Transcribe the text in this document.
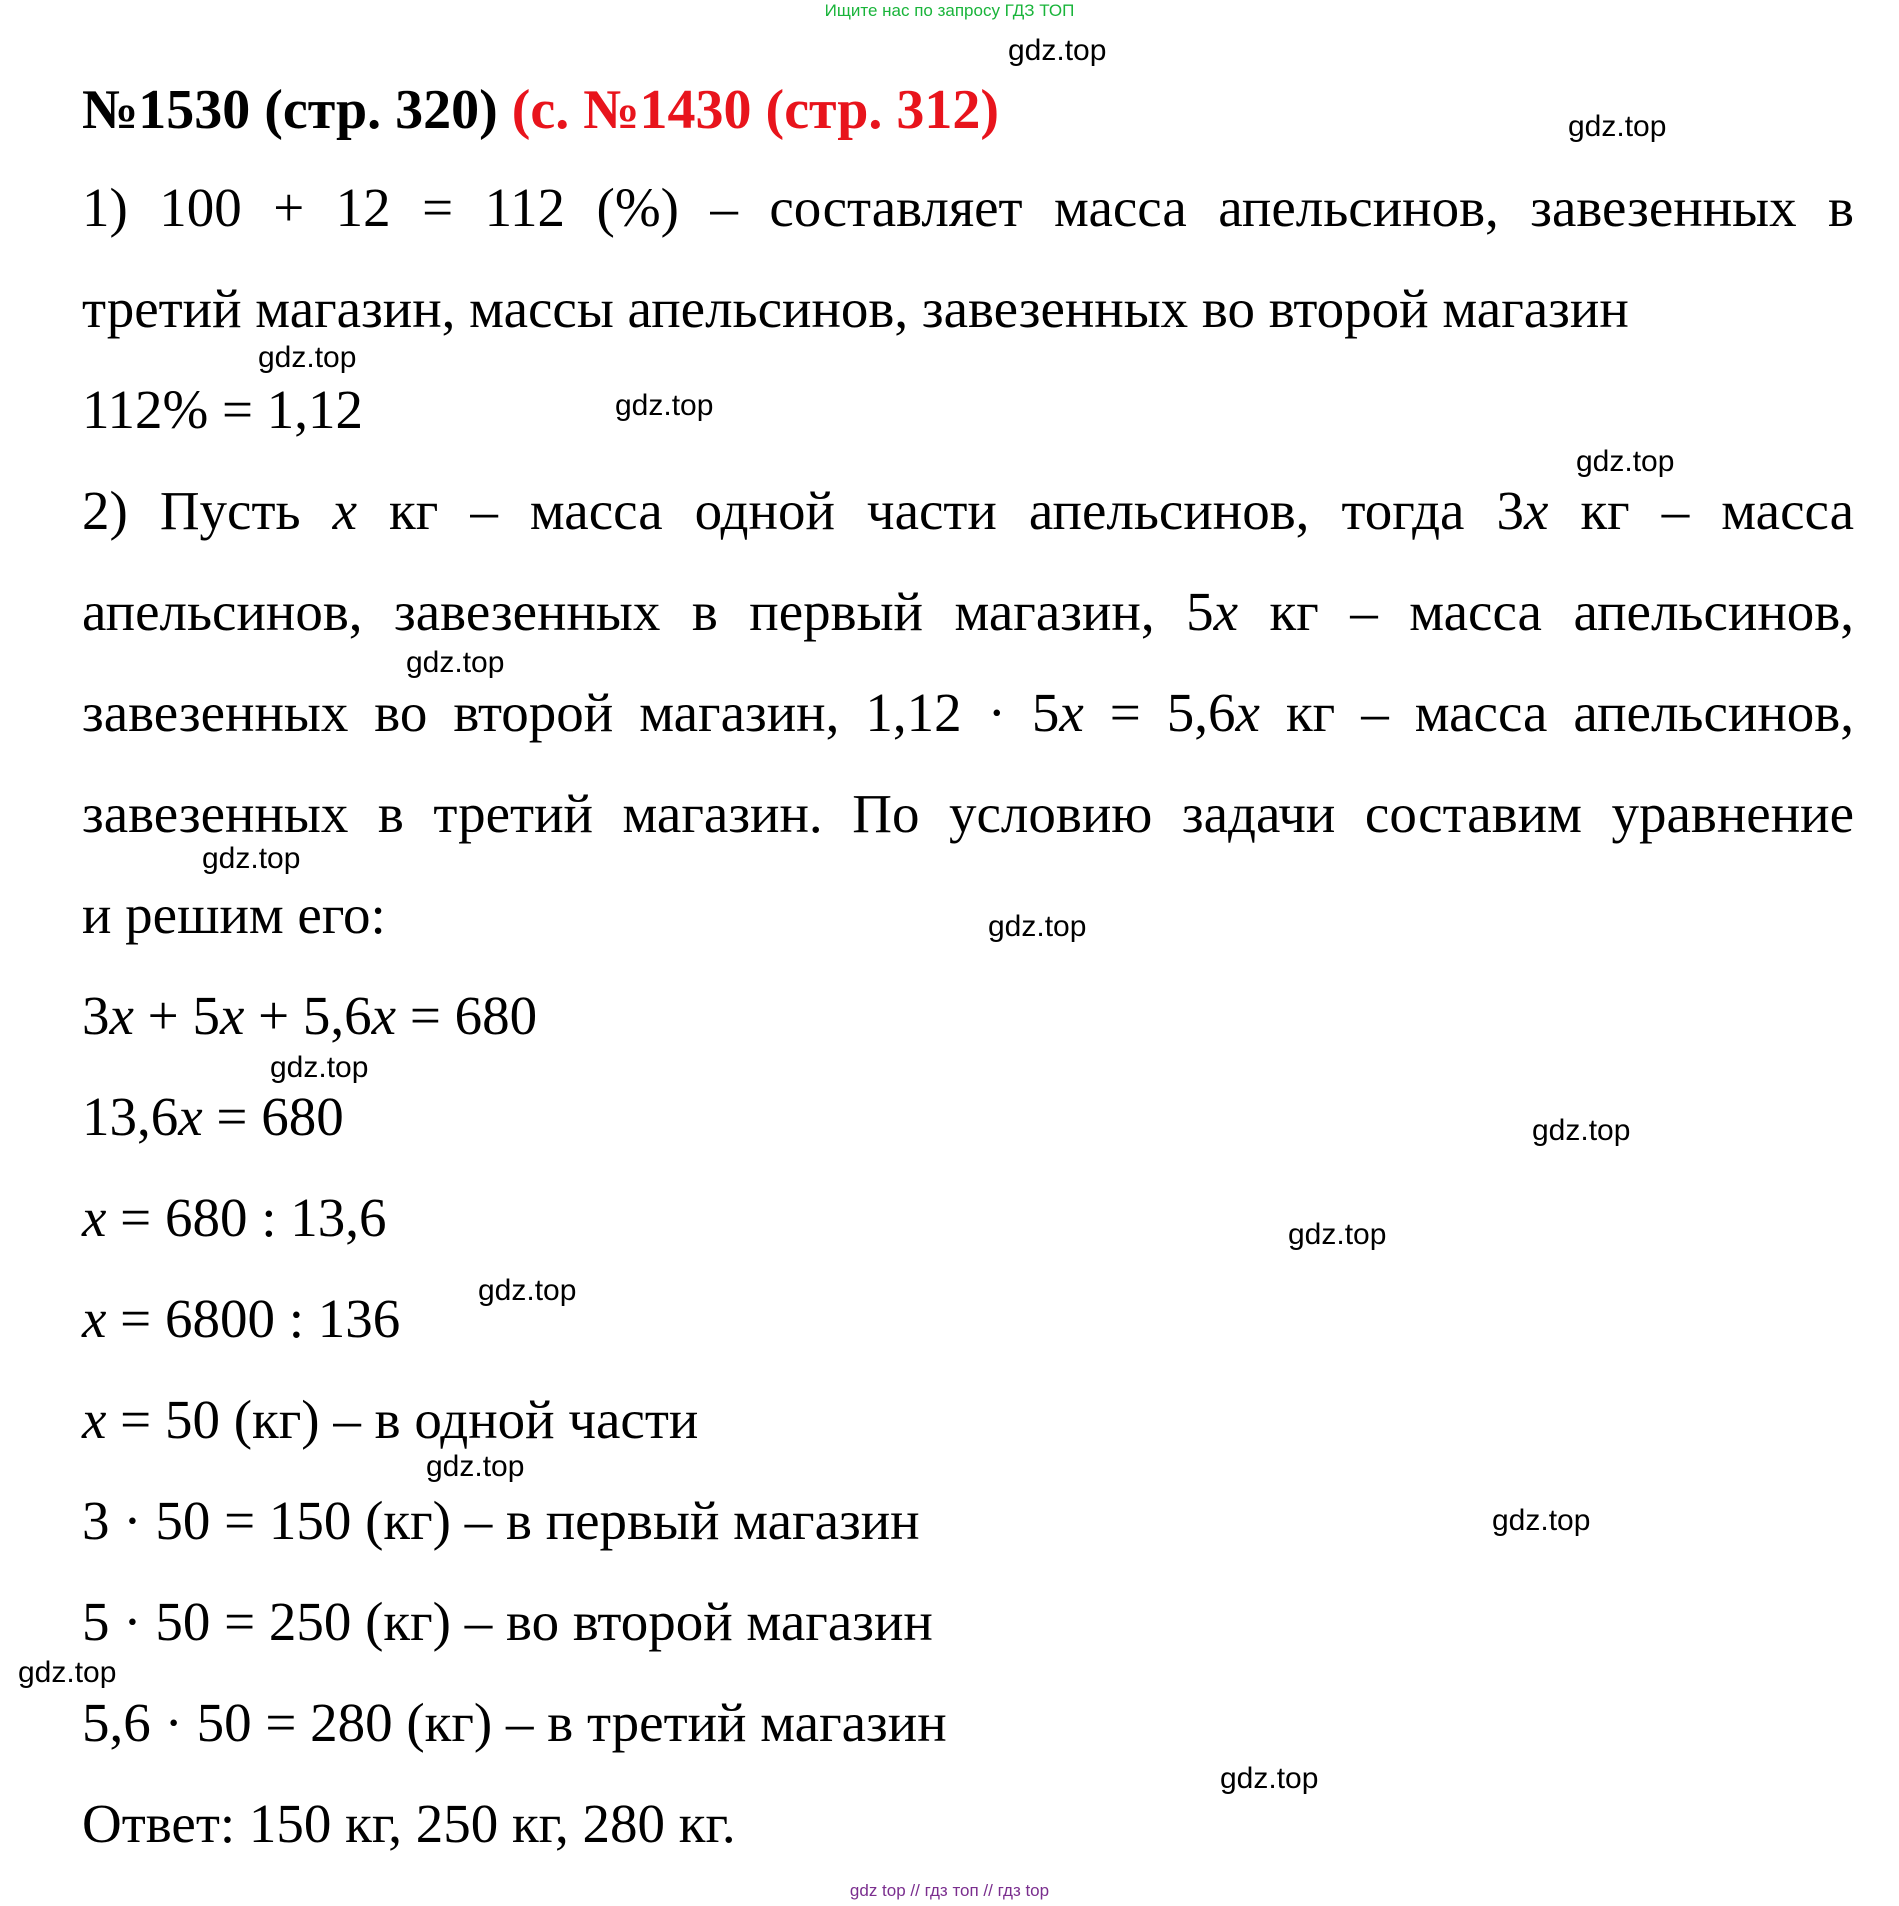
Ищите нас по запросу ГДЗ ТОП
№1530 (стр. 320) (с. №1430 (стр. 312)
1) 100 + 12 = 112 (%) – составляет масса апельсинов, завезенных в
третий магазин, массы апельсинов, завезенных во второй магазин
112% = 1,12
2) Пусть x кг – масса одной части апельсинов, тогда 3x кг – масса
апельсинов, завезенных в первый магазин, 5x кг – масса апельсинов,
завезенных во второй магазин, 1,12 · 5x = 5,6x кг – масса апельсинов,
завезенных в третий магазин. По условию задачи составим уравнение
и решим его:
3x + 5x + 5,6x = 680
13,6x = 680
x = 680 : 13,6
x = 6800 : 136
x = 50 (кг) – в одной части
3 · 50 = 150 (кг) – в первый магазин
5 · 50 = 250 (кг) – во второй магазин
5,6 · 50 = 280 (кг) – в третий магазин
Ответ: 150 кг, 250 кг, 280 кг.
gdz.top
gdz.top
gdz.top
gdz.top
gdz.top
gdz.top
gdz.top
gdz.top
gdz.top
gdz.top
gdz.top
gdz.top
gdz.top
gdz.top
gdz.top
gdz.top
gdz top // гдз топ // гдз top
